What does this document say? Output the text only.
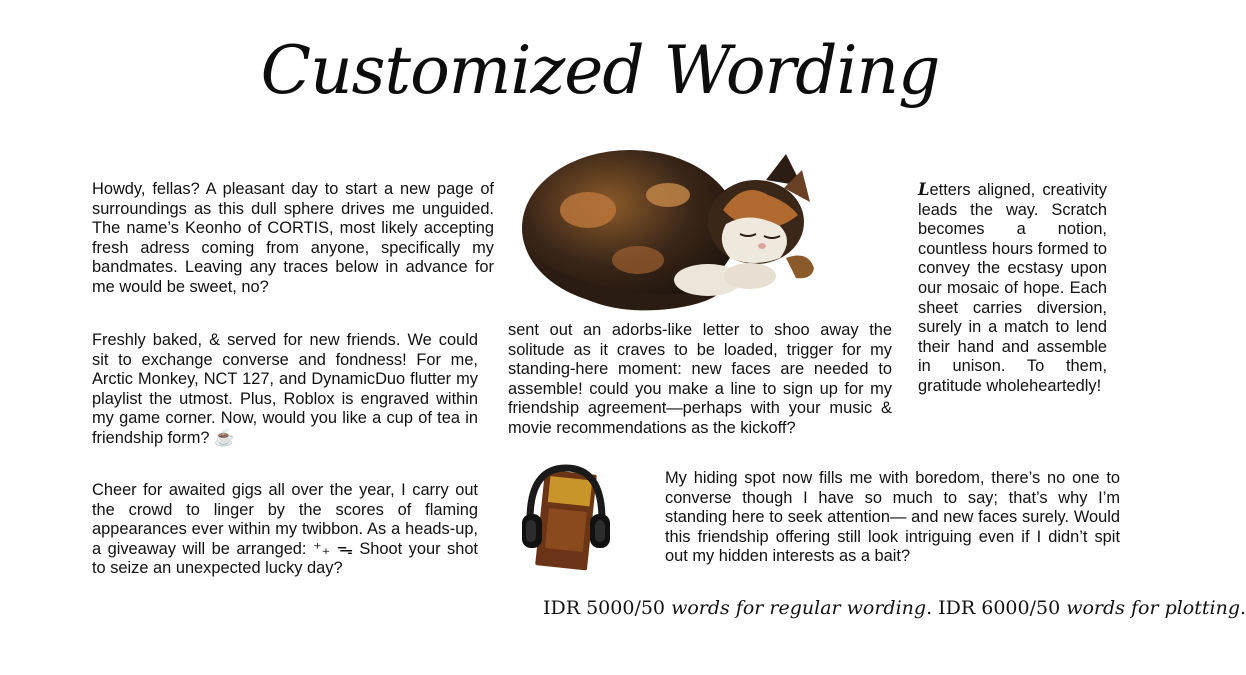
Customized Wording

Howdy, fellas? A pleasant day to start a new page of surroundings as this dull sphere drives me unguided. The name’s Keonho of CORTIS, most likely accepting fresh adress coming from anyone, specifically my bandmates. Leaving any traces below in advance for me would be sweet, no?

Freshly baked, & served for new friends. We could sit to exchange converse and fondness! For me, Arctic Monkey, NCT 127, and DynamicDuo flutter my playlist the utmost. Plus, Roblox is engraved within my game corner. Now, would you like a cup of tea in friendship form? ☕

Cheer for awaited gigs all over the year, I carry out the crowd to linger by the scores of flaming appearances ever within my twibbon. As a heads-up, a giveaway will be arranged: ⁺₊ ᯓ Shoot your shot to seize an unexpected lucky day?

sent out an adorbs-like letter to shoo away the solitude as it craves to be loaded, trigger for my standing-here moment: new faces are needed to assemble! could you make a line to sign up for my friendship agreement—perhaps with your music & movie recommendations as the kickoff?

Letters aligned, creativity leads the way. Scratch becomes a notion, countless hours formed to convey the ecstasy upon our mosaic of hope. Each sheet carries diversion, surely in a match to lend their hand and assemble in unison. To them, gratitude wholeheartedly!

My hiding spot now fills me with boredom, there’s no one to converse though I have so much to say; that’s why I’m standing here to seek attention— and new faces surely. Would this friendship offering still look intriguing even if I didn’t spit out my hidden interests as a bait?

IDR 5000/50 words for regular wording. IDR 6000/50 words for plotting.
